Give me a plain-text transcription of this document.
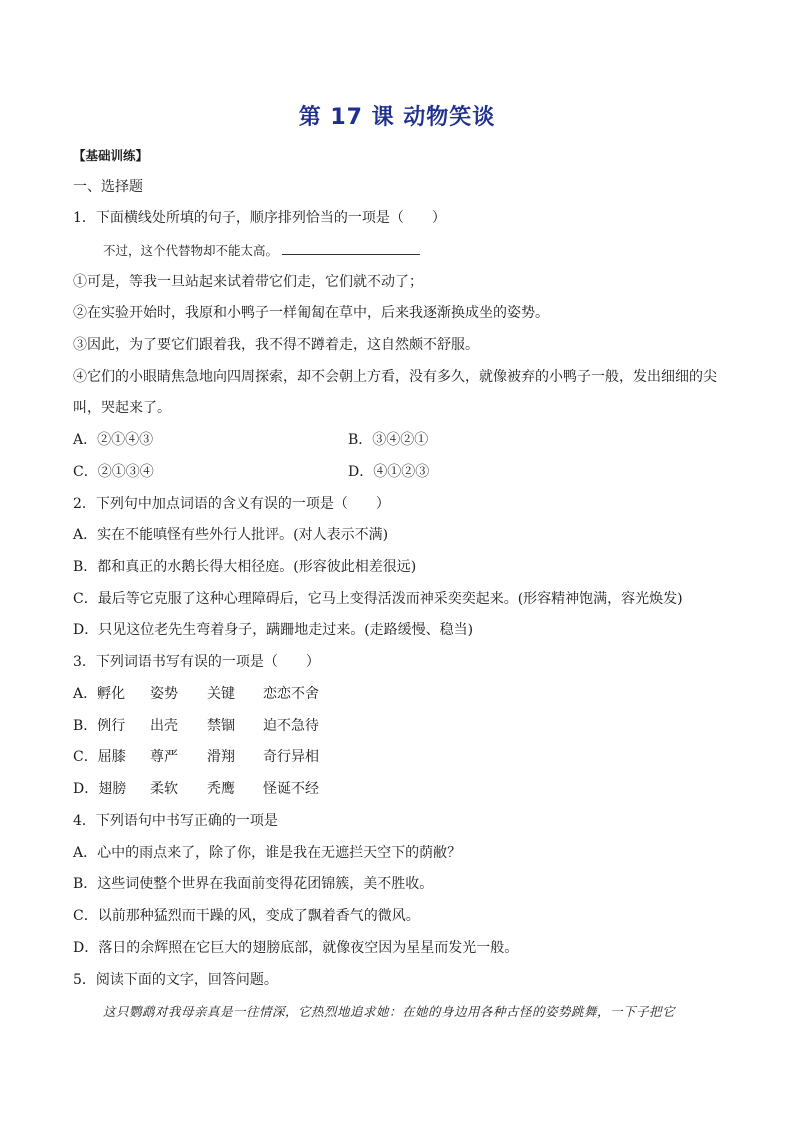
第 17 课 动物笑谈
【基础训练】
一、选择题
1．下面横线处所填的句子，顺序排列恰当的一项是（　　）
不过，这个代替物却不能太高。
①可是，等我一旦站起来试着带它们走，它们就不动了；
②在实验开始时，我原和小鸭子一样匍匐在草中，后来我逐渐换成坐的姿势。
③因此，为了要它们跟着我，我不得不蹲着走，这自然颇不舒服。
④它们的小眼睛焦急地向四周探索，却不会朝上方看，没有多久，就像被弃的小鸭子一般，发出细细的尖
叫，哭起来了。
A．②①④③	B．③④②①
C．②①③④	D．④①②③
2．下列句中加点词语的含义有误的一项是（　　）
A．实在不能嗔怪有些外行人批评。(对人表示不满)
B．都和真正的水鹅长得大相径庭。(形容彼此相差很远)
C．最后等它克服了这种心理障碍后，它马上变得活泼而神采奕奕起来。(形容精神饱满，容光焕发)
D．只见这位老先生弯着身子，蹒跚地走过来。(走路缓慢、稳当)
3．下列词语书写有误的一项是（　　）
A．孵化 姿势 关键 恋恋不舍
B．例行 出壳 禁锢 迫不急待
C．屈膝 尊严 滑翔 奇行异相
D．翅膀 柔软 秃鹰 怪诞不经
4．下列语句中书写正确的一项是
A．心中的雨点来了，除了你，谁是我在无遮拦天空下的荫敝？
B．这些词使整个世界在我面前变得花团锦簇，美不胜收。
C．以前那种猛烈而干躁的风，变成了飘着香气的微风。
D．落日的余辉照在它巨大的翅膀底部，就像夜空因为星星而发光一般。
5．阅读下面的文字，回答问题。
这只鹦鹉对我母亲真是一往情深，它热烈地追求她：在她的身边用各种古怪的姿势跳舞，一下子把它
